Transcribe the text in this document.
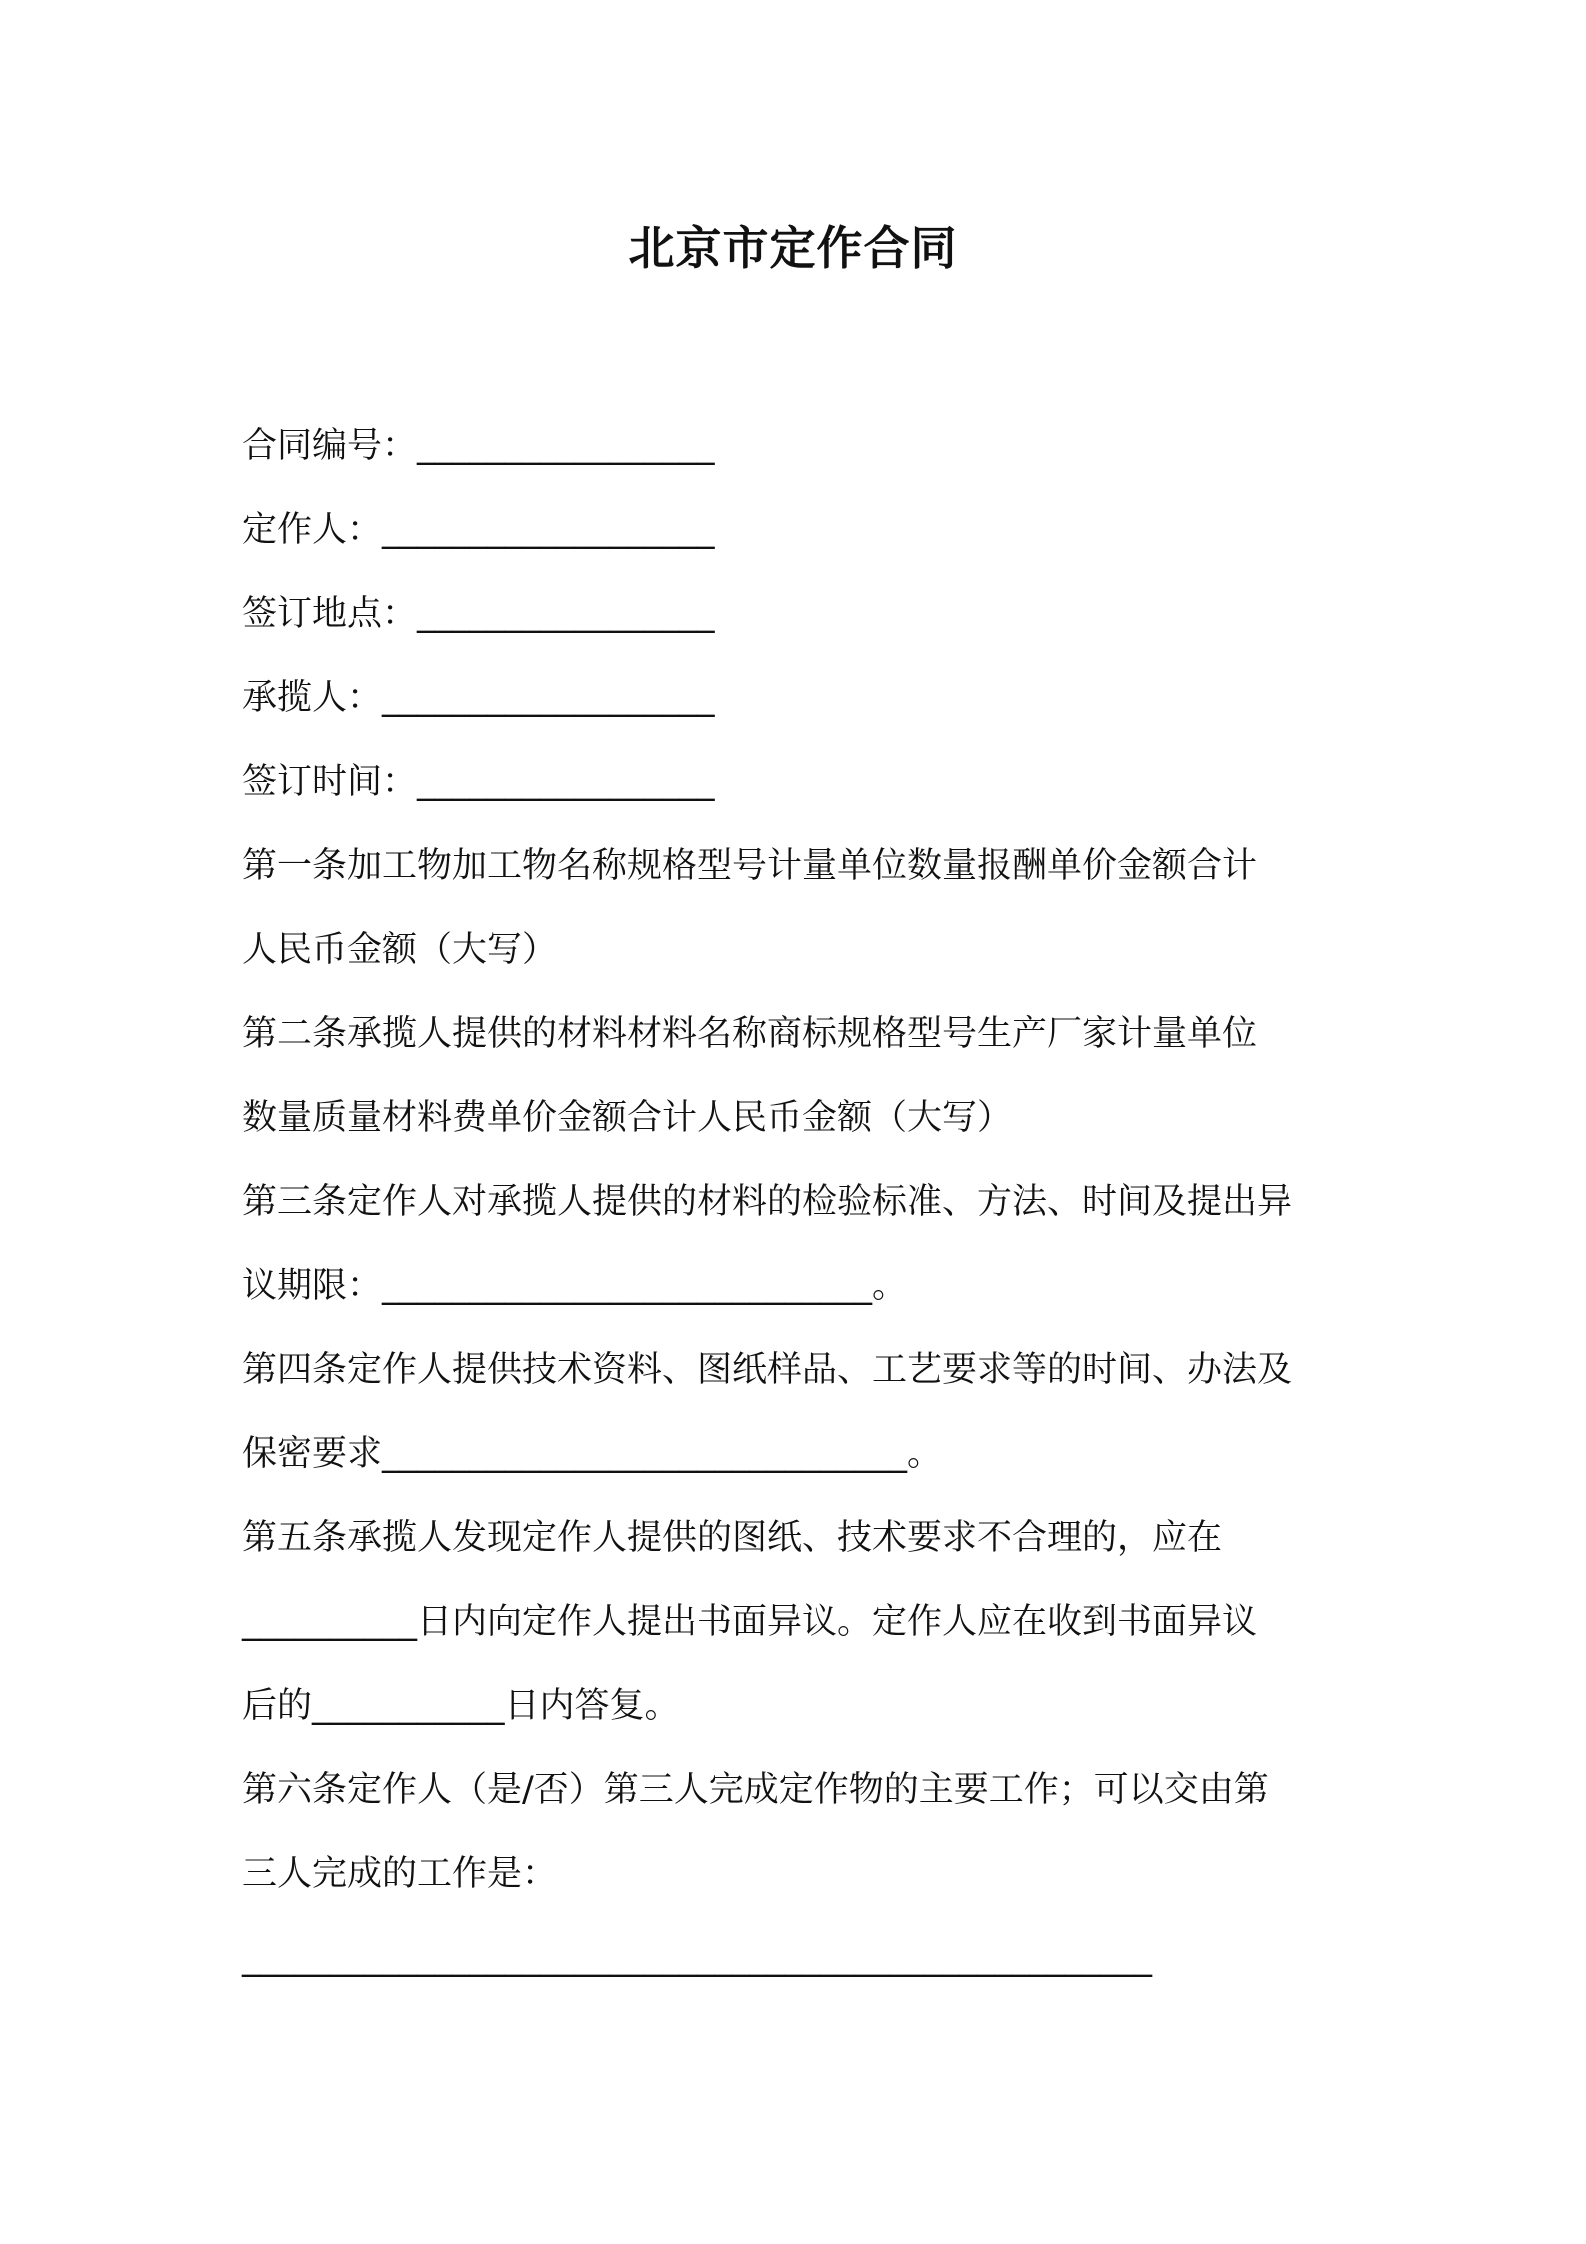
北京市定作合同
合同编号：_________________
定作人：___________________
签订地点：_________________
承揽人：___________________
签订时间：_________________
第一条加工物加工物名称规格型号计量单位数量报酬单价金额合计
人民币金额（大写）
第二条承揽人提供的材料材料名称商标规格型号生产厂家计量单位
数量质量材料费单价金额合计人民币金额（大写）
第三条定作人对承揽人提供的材料的检验标准、方法、时间及提出异
议期限：____________________________。
第四条定作人提供技术资料、图纸样品、工艺要求等的时间、办法及
保密要求______________________________。
第五条承揽人发现定作人提供的图纸、技术要求不合理的，应在
__________日内向定作人提出书面异议。定作人应在收到书面异议
后的___________日内答复。
第六条定作人（是/否）第三人完成定作物的主要工作；可以交由第
三人完成的工作是：
____________________________________________________
